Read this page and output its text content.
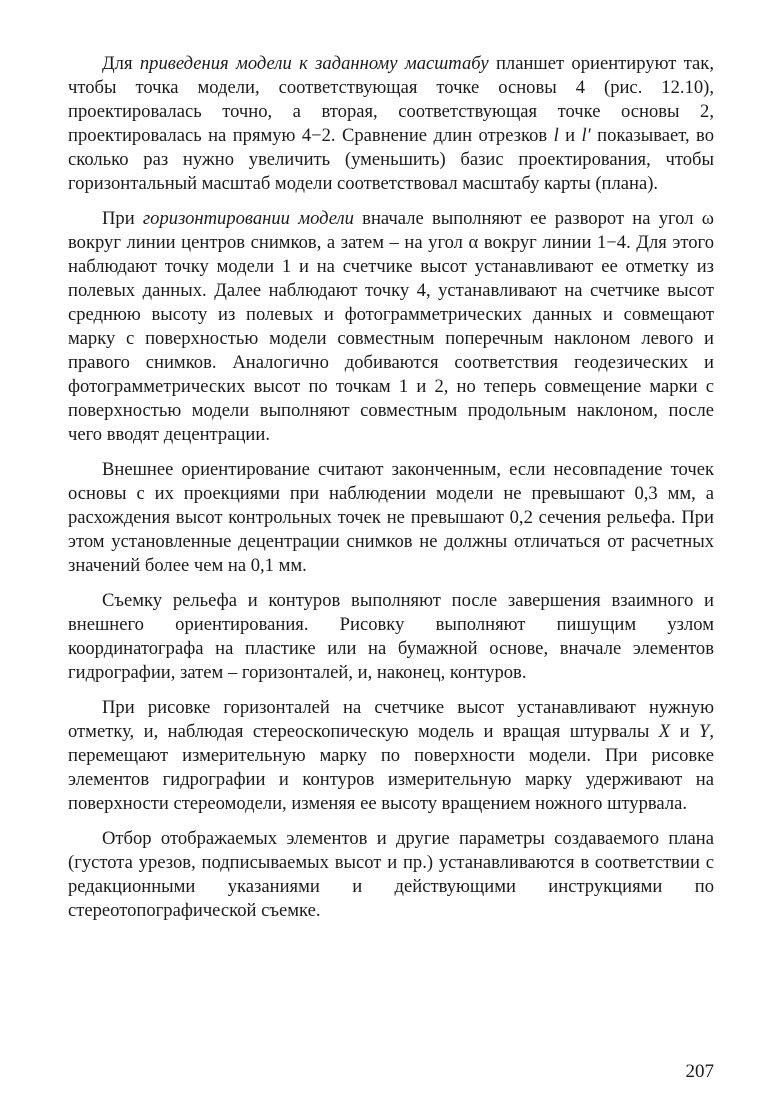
Для приведения модели к заданному масштабу планшет ориентируют так, чтобы точка модели, соответствующая точке основы 4 (рис. 12.10), проектировалась точно, а вторая, соответствующая точке основы 2, проектировалась на прямую 4−2. Сравнение длин отрезков l и l′ показывает, во сколько раз нужно увеличить (уменьшить) базис проектирования, чтобы горизонтальный масштаб модели соответствовал масштабу карты (плана).

При горизонтировании модели вначале выполняют ее разворот на угол ω вокруг линии центров снимков, а затем – на угол α вокруг линии 1−4. Для этого наблюдают точку модели 1 и на счетчике высот устанавливают ее отметку из полевых данных. Далее наблюдают точку 4, устанавливают на счетчике высот среднюю высоту из полевых и фотограмметрических данных и совмещают марку с поверхностью модели совместным поперечным наклоном левого и правого снимков. Аналогично добиваются соответствия геодезических и фотограмметрических высот по точкам 1 и 2, но теперь совмещение марки с поверхностью модели выполняют совместным продольным наклоном, после чего вводят децентрации.

Внешнее ориентирование считают законченным, если несовпадение точек основы с их проекциями при наблюдении модели не превышают 0,3 мм, а расхождения высот контрольных точек не превышают 0,2 сечения рельефа. При этом установленные децентрации снимков не должны отличаться от расчетных значений более чем на 0,1 мм.

Съемку рельефа и контуров выполняют после завершения взаимного и внешнего ориентирования. Рисовку выполняют пишущим узлом координатографа на пластике или на бумажной основе, вначале элементов гидрографии, затем – горизонталей, и, наконец, контуров.

При рисовке горизонталей на счетчике высот устанавливают нужную отметку, и, наблюдая стереоскопическую модель и вращая штурвалы X и Y, перемещают измерительную марку по поверхности модели. При рисовке элементов гидрографии и контуров измерительную марку удерживают на поверхности стереомодели, изменяя ее высоту вращением ножного штурвала.

Отбор отображаемых элементов и другие параметры создаваемого плана (густота урезов, подписываемых высот и пр.) устанавливаются в соответствии с редакционными указаниями и действующими инструкциями по стереотопографической съемке.

207
